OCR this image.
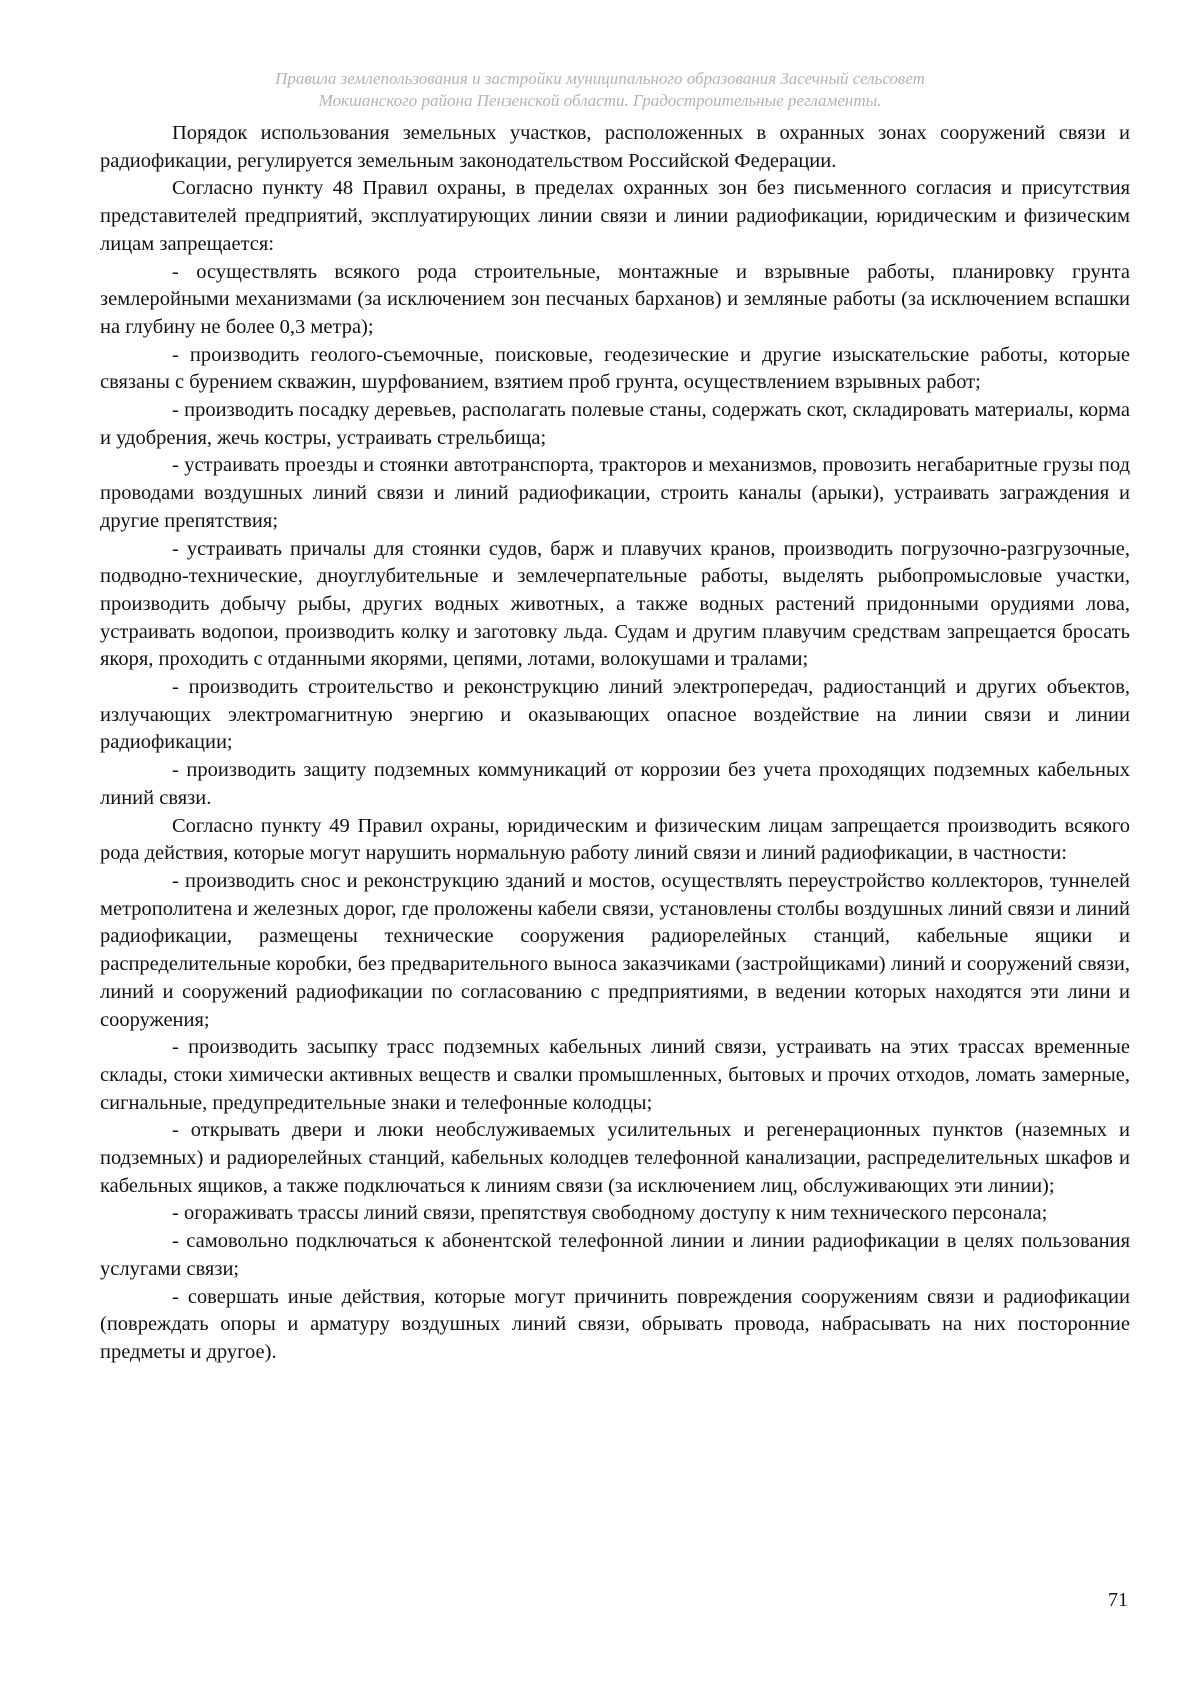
Правила землепользования и застройки муниципального образования Засечный сельсовет
Мокшанского района Пензенской области. Градостроительные регламенты.

Порядок использования земельных участков, расположенных в охранных зонах сооружений связи и радиофикации, регулируется земельным законодательством Российской Федерации.

Согласно пункту 48 Правил охраны, в пределах охранных зон без письменного согласия и присутствия представителей предприятий, эксплуатирующих линии связи и линии радиофикации, юридическим и физическим лицам запрещается:

- осуществлять всякого рода строительные, монтажные и взрывные работы, планировку грунта землеройными механизмами (за исключением зон песчаных барханов) и земляные работы (за исключением вспашки на глубину не более 0,3 метра);

- производить геолого-съемочные, поисковые, геодезические и другие изыскательские работы, которые связаны с бурением скважин, шурфованием, взятием проб грунта, осуществлением взрывных работ;

- производить посадку деревьев, располагать полевые станы, содержать скот, складировать материалы, корма и удобрения, жечь костры, устраивать стрельбища;

- устраивать проезды и стоянки автотранспорта, тракторов и механизмов, провозить негабаритные грузы под проводами воздушных линий связи и линий радиофикации, строить каналы (арыки), устраивать заграждения и другие препятствия;

- устраивать причалы для стоянки судов, барж и плавучих кранов, производить погрузочно-разгрузочные, подводно-технические, дноуглубительные и землечерпательные работы, выделять рыбопромысловые участки, производить добычу рыбы, других водных животных, а также водных растений придонными орудиями лова, устраивать водопои, производить колку и заготовку льда. Судам и другим плавучим средствам запрещается бросать якоря, проходить с отданными якорями, цепями, лотами, волокушами и тралами;

- производить строительство и реконструкцию линий электропередач, радиостанций и других объектов, излучающих электромагнитную энергию и оказывающих опасное воздействие на линии связи и линии радиофикации;

- производить защиту подземных коммуникаций от коррозии без учета проходящих подземных кабельных линий связи.

Согласно пункту 49 Правил охраны, юридическим и физическим лицам запрещается производить всякого рода действия, которые могут нарушить нормальную работу линий связи и линий радиофикации, в частности:

- производить снос и реконструкцию зданий и мостов, осуществлять переустройство коллекторов, туннелей метрополитена и железных дорог, где проложены кабели связи, установлены столбы воздушных линий связи и линий радиофикации, размещены технические сооружения радиорелейных станций, кабельные ящики и распределительные коробки, без предварительного выноса заказчиками (застройщиками) линий и сооружений связи, линий и сооружений радиофикации по согласованию с предприятиями, в ведении которых находятся эти лини и сооружения;

- производить засыпку трасс подземных кабельных линий связи, устраивать на этих трассах временные склады, стоки химически активных веществ и свалки промышленных, бытовых и прочих отходов, ломать замерные, сигнальные, предупредительные знаки и телефонные колодцы;

- открывать двери и люки необслуживаемых усилительных и регенерационных пунктов (наземных и подземных) и радиорелейных станций, кабельных колодцев телефонной канализации, распределительных шкафов и кабельных ящиков, а также подключаться к линиям связи (за исключением лиц, обслуживающих эти линии);

- огораживать трассы линий связи, препятствуя свободному доступу к ним технического персонала;

- самовольно подключаться к абонентской телефонной линии и линии радиофикации в целях пользования услугами связи;

- совершать иные действия, которые могут причинить повреждения сооружениям связи и радиофикации (повреждать опоры и арматуру воздушных линий связи, обрывать провода, набрасывать на них посторонние предметы и другое).

71
